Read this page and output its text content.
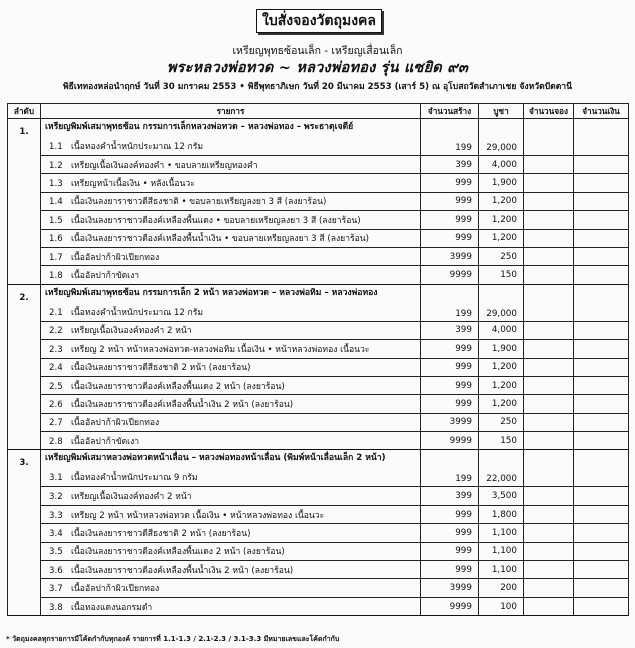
ใบสั่งจองวัตถุมงคล
เหรียญพุทธซ้อนเล็ก - เหรียญเสื่อนเล็ก
พระหลวงพ่อทวด ~ หลวงพ่อทอง รุ่น แซยิด ๙๓
พิธีเททองหล่อนำฤกษ์ วันที่ 30 มกราคม 2553 • พิธีพุทธาภิเษก วันที่ 20 มีนาคม 2553 (เสาร์ 5) ณ อุโบสถวัดสำเภาเชย จังหวัดปัตตานี
ลำดับ	รายการ	จำนวนสร้าง	บูชา	จำนวนจอง	จำนวนเงิน
1.	เหรียญพิมพ์เสมาพุทธซ้อน กรรมการเล็กหลวงพ่อทวด – หลวงพ่อทอง – พระธาตุเจดีย์
1.1 เนื้อทองคำน้ำหนักประมาณ 12 กรัม	199	29,000		

	1.2 เหรียญเนื้อเงินองค์ทองคำ • ขอบลายเหรียญทองคำ	399	4,000		

	1.3 เหรียญหน้าเนื้อเงิน • หลังเนื้อนวะ	999	1,900		

	1.4 เนื้อเงินลงยาราชาวดีสีธงชาติ • ขอบลายเหรียญลงยา 3 สี (ลงยาร้อน)	999	1,200		

	1.5 เนื้อเงินลงยาราชาวดีองค์เหลืองพื้นแดง • ขอบลายเหรียญลงยา 3 สี (ลงยาร้อน)	999	1,200		

	1.6 เนื้อเงินลงยาราชาวดีองค์เหลืองพื้นน้ำเงิน • ขอบลายเหรียญลงยา 3 สี (ลงยาร้อน)	999	1,200		

	1.7 เนื้ออัลปาก้าผิวเปียกทอง	3999	250		

	1.8 เนื้ออัลปาก้าขัดเงา	9999	150		
2.	เหรียญพิมพ์เสมาพุทธซ้อน กรรมการเล็ก 2 หน้า หลวงพ่อทวด – หลวงพ่อทิม – หลวงพ่อทอง
2.1 เนื้อทองคำน้ำหนักประมาณ 12 กรัม	199	29,000		

	2.2 เหรียญเนื้อเงินองค์ทองคำ 2 หน้า	399	4,000		

	2.3 เหรียญ 2 หน้า หน้าหลวงพ่อทวด-หลวงพ่อทิม เนื้อเงิน • หน้าหลวงพ่อทอง เนื้อนวะ	999	1,900		

	2.4 เนื้อเงินลงยาราชาวดีสีธงชาติ 2 หน้า (ลงยาร้อน)	999	1,200		

	2.5 เนื้อเงินลงยาราชาวดีองค์เหลืองพื้นแดง 2 หน้า (ลงยาร้อน)	999	1,200		

	2.6 เนื้อเงินลงยาราชาวดีองค์เหลืองพื้นน้ำเงิน 2 หน้า (ลงยาร้อน)	999	1,200		

	2.7 เนื้ออัลปาก้าผิวเปียกทอง	3999	250		

	2.8 เนื้ออัลปาก้าขัดเงา	9999	150		
3.	เหรียญพิมพ์เสมาหลวงพ่อทวดหน้าเลื่อน – หลวงพ่อทองหน้าเลื่อน (พิมพ์หน้าเลื่อนเล็ก 2 หน้า)
3.1 เนื้อทองคำน้ำหนักประมาณ 9 กรัม	199	22,000		

	3.2 เหรียญเนื้อเงินองค์ทองคำ 2 หน้า	399	3,500		

	3.3 เหรียญ 2 หน้า หน้าหลวงพ่อทวด เนื้อเงิน • หน้าหลวงพ่อทอง เนื้อนวะ	999	1,800		

	3.4 เนื้อเงินลงยาราชาวดีสีธงชาติ 2 หน้า (ลงยาร้อน)	999	1,100		

	3.5 เนื้อเงินลงยาราชาวดีองค์เหลืองพื้นแดง 2 หน้า (ลงยาร้อน)	999	1,100		

	3.6 เนื้อเงินลงยาราชาวดีองค์เหลืองพื้นน้ำเงิน 2 หน้า (ลงยาร้อน)	999	1,100		

	3.7 เนื้ออัลปาก้าผิวเปียกทอง	3999	200		

	3.8 เนื้อทองแดงนอกรมดำ	9999	100		
* วัตถุมงคลทุกรายการมีโค้ดกำกับทุกองค์ รายการที่ 1.1-1.3 / 2.1-2.3 / 3.1-3.3 มีหมายเลขและโค้ดกำกับ
